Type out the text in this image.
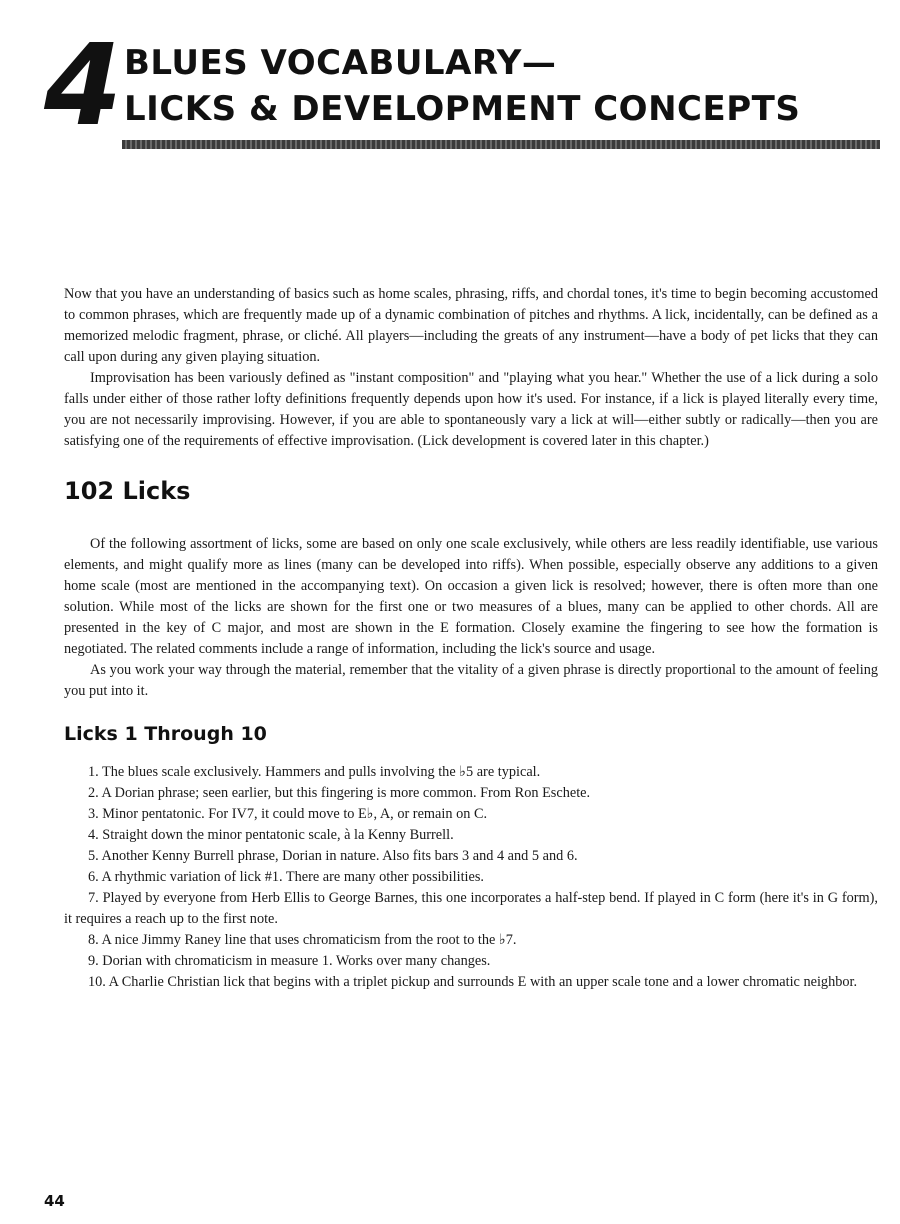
4 BLUES VOCABULARY—
LICKS & DEVELOPMENT CONCEPTS

Now that you have an understanding of basics such as home scales, phrasing, riffs, and chordal tones, it's time to begin becoming accustomed to common phrases, which are frequently made up of a dynamic combination of pitches and rhythms. A lick, incidentally, can be defined as a memorized melodic fragment, phrase, or cliché. All players—including the greats of any instrument—have a body of pet licks that they can call upon during any given playing situation.

Improvisation has been variously defined as "instant composition" and "playing what you hear." Whether the use of a lick during a solo falls under either of those rather lofty definitions frequently depends upon how it's used. For instance, if a lick is played literally every time, you are not necessarily improvising. However, if you are able to spontaneously vary a lick at will—either subtly or radically—then you are satisfying one of the requirements of effective improvisation. (Lick development is covered later in this chapter.)

102 Licks

Of the following assortment of licks, some are based on only one scale exclusively, while others are less readily identifiable, use various elements, and might qualify more as lines (many can be developed into riffs). When possible, especially observe any additions to a given home scale (most are mentioned in the accompanying text). On occasion a given lick is resolved; however, there is often more than one solution. While most of the licks are shown for the first one or two measures of a blues, many can be applied to other chords. All are presented in the key of C major, and most are shown in the E formation. Closely examine the fingering to see how the formation is negotiated. The related comments include a range of information, including the lick's source and usage.

As you work your way through the material, remember that the vitality of a given phrase is directly proportional to the amount of feeling you put into it.

Licks 1 Through 10
1. The blues scale exclusively. Hammers and pulls involving the ♭5 are typical.
2. A Dorian phrase; seen earlier, but this fingering is more common. From Ron Eschete.
3. Minor pentatonic. For IV7, it could move to E♭, A, or remain on C.
4. Straight down the minor pentatonic scale, à la Kenny Burrell.
5. Another Kenny Burrell phrase, Dorian in nature. Also fits bars 3 and 4 and 5 and 6.
6. A rhythmic variation of lick #1. There are many other possibilities.
7. Played by everyone from Herb Ellis to George Barnes, this one incorporates a half-step bend. If played in C form (here it's in G form), it requires a reach up to the first note.
8. A nice Jimmy Raney line that uses chromaticism from the root to the ♭7.
9. Dorian with chromaticism in measure 1. Works over many changes.
10. A Charlie Christian lick that begins with a triplet pickup and surrounds E with an upper scale tone and a lower chromatic neighbor.
44
